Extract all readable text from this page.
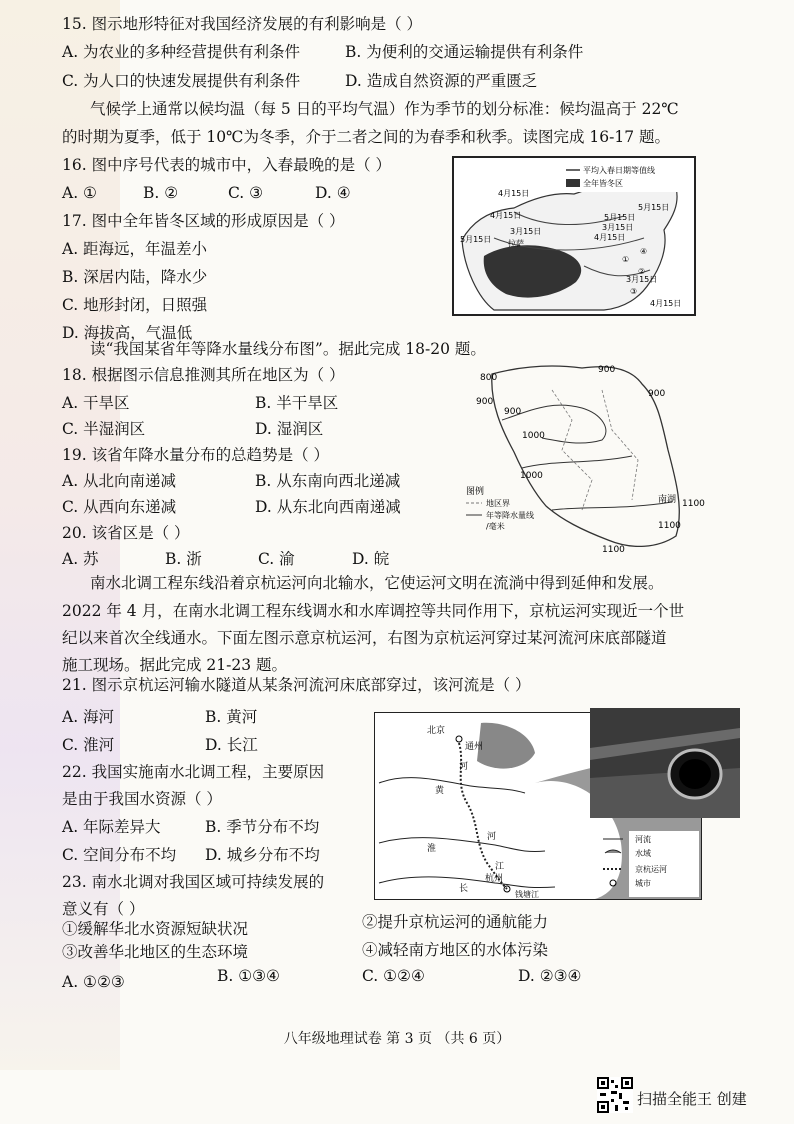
15. 图示地形特征对我国经济发展的有利影响是（ ）
A. 为农业的多种经营提供有利条件	B. 为便利的交通运输提供有利条件
C. 为人口的快速发展提供有利条件	D. 造成自然资源的严重匮乏
气候学上通常以候均温（每 5 日的平均气温）作为季节的划分标准：候均温高于 22℃
的时期为夏季，低于 10℃为冬季，介于二者之间的为春季和秋季。读图完成 16-17 题。
16. 图中序号代表的城市中，入春最晚的是（ ）
A. ①	B. ②	C. ③	D. ④
17. 图中全年皆冬区域的形成原因是（ ）
A. 距海远，年温差小
B. 深居内陆，降水少
C. 地形封闭，日照强
D. 海拔高，气温低
平均入春日期等值线
全年皆冬区
4月15日
4月15日
5月15日
5月15日
3月15日	3月15日
5月15日
4月15日
3月15日
4月15日
拉萨
①
②
③
④
读“我国某省年等降水量线分布图”。据此完成 18-20 题。
18. 根据图示信息推测其所在地区为（ ）
A. 干旱区	B. 半干旱区
C. 半湿润区	D. 湿润区
19. 该省年降水量分布的总趋势是（ ）
A. 从北向南递减	B. 从东南向西北递减
C. 从西向东递减	D. 从东北向西南递减
20. 该省区是（ ）
A. 苏	B. 浙	C. 渝	D. 皖
800
900
900
900
900
1000
1000
1100
1100
1100
南湖
图例
地区界
年等降水量线
/毫米
南水北调工程东线沿着京杭运河向北输水，它使运河文明在流淌中得到延伸和发展。
2022 年 4 月，在南水北调工程东线调水和水库调控等共同作用下，京杭运河实现近一个世
纪以来首次全线通水。下面左图示意京杭运河，右图为京杭运河穿过某河流河床底部隧道
施工现场。据此完成 21-23 题。
21. 图示京杭运河输水隧道从某条河流河床底部穿过，该河流是（ ）
A. 海河	B. 黄河
C. 淮河	D. 长江
22. 我国实施南水北调工程，主要原因
是由于我国水资源（ ）
A. 年际差异大	B. 季节分布不均
C. 空间分布不均 D. 城乡分布不均
23. 南水北调对我国区域可持续发展的
意义有（ ）
①缓解华北水资源短缺状况	②提升京杭运河的通航能力
③改善华北地区的生态环境	④减轻南方地区的水体污染
A. ①②③	B. ①③④	C. ①②④	D. ②③④
北京
通州
黄
河
淮
河
江
长
杭州
钱塘江
河流
水域
京杭运河
城市
八年级地理试卷 第 3 页 （共 6 页）
扫描全能王 创建
